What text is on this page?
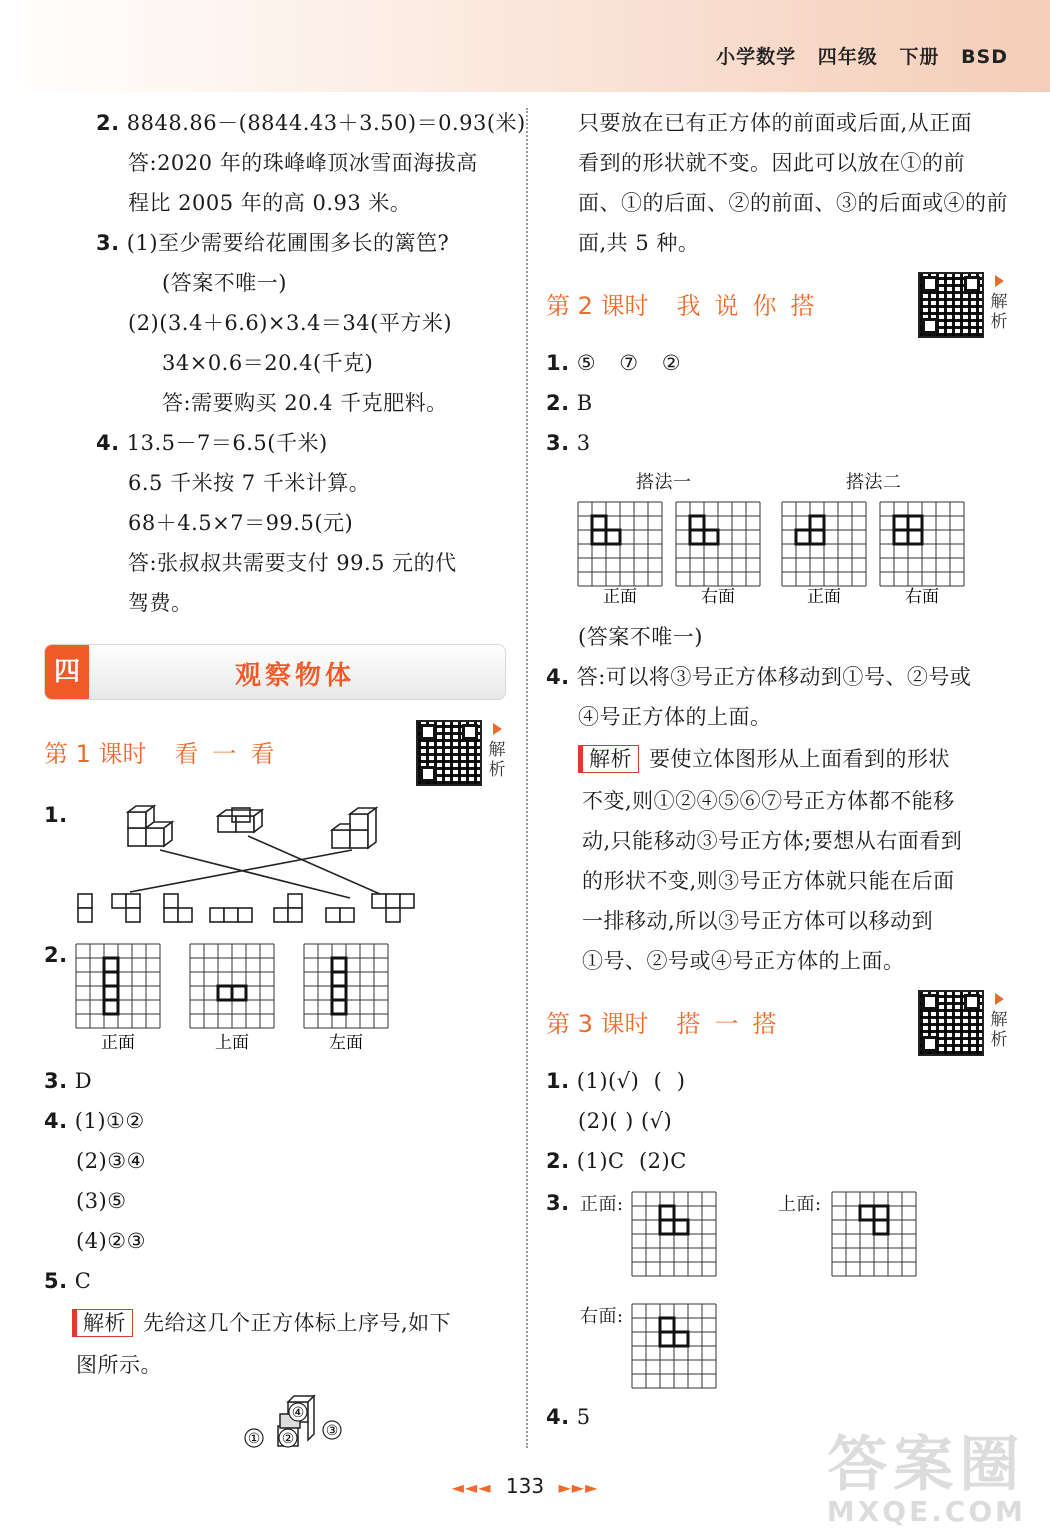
小学数学 四年级 下册 BSD
2. 8848.86－(8844.43＋3.50)＝0.93(米)
答:2020 年的珠峰峰顶冰雪面海拔高
程比 2005 年的高 0.93 米。
3. (1)至少需要给花圃围多长的篱笆?
(答案不唯一)
(2)(3.4＋6.6)×3.4＝34(平方米)
34×0.6＝20.4(千克)
答:需要购买 20.4 千克肥料。
4. 13.5－7＝6.5(千米)
6.5 千米按 7 千米计算。
68＋4.5×7＝99.5(元)
答:张叔叔共需要支付 99.5 元的代
驾费。
四	观察物体
第 1 课时 看一看	解析
1.
2.
正面	上面	左面
3. D
4. (1)①②
(2)③④
(3)⑤
(4)②③
5. C
解析 先给这几个正方体标上序号,如下
图所示。
① ② ③
④
只要放在已有正方体的前面或后面,从正面
看到的形状就不变。因此可以放在①的前
面、①的后面、②的前面、③的后面或④的前
面,共 5 种。
第 2 课时 我说你搭	解析
1. ⑤ ⑦ ②
2. B
3. 3
搭法一	搭法二
正面	右面	正面	右面
(答案不唯一)
4. 答:可以将③号正方体移动到①号、②号或
④号正方体的上面。
解析 要使立体图形从上面看到的形状
不变,则①②④⑤⑥⑦号正方体都不能移
动,只能移动③号正方体;要想从右面看到
的形状不变,则③号正方体就只能在后面
一排移动,所以③号正方体可以移动到
①号、②号或④号正方体的上面。
第 3 课时 搭一搭	解析
1. (1)(√)  (  )
(2)( ) (√)
2. (1)C  (2)C
3. 正面:	上面:
右面:
4. 5
◄◄◄ 133 ►►►	答案圈
MXQE.COM
